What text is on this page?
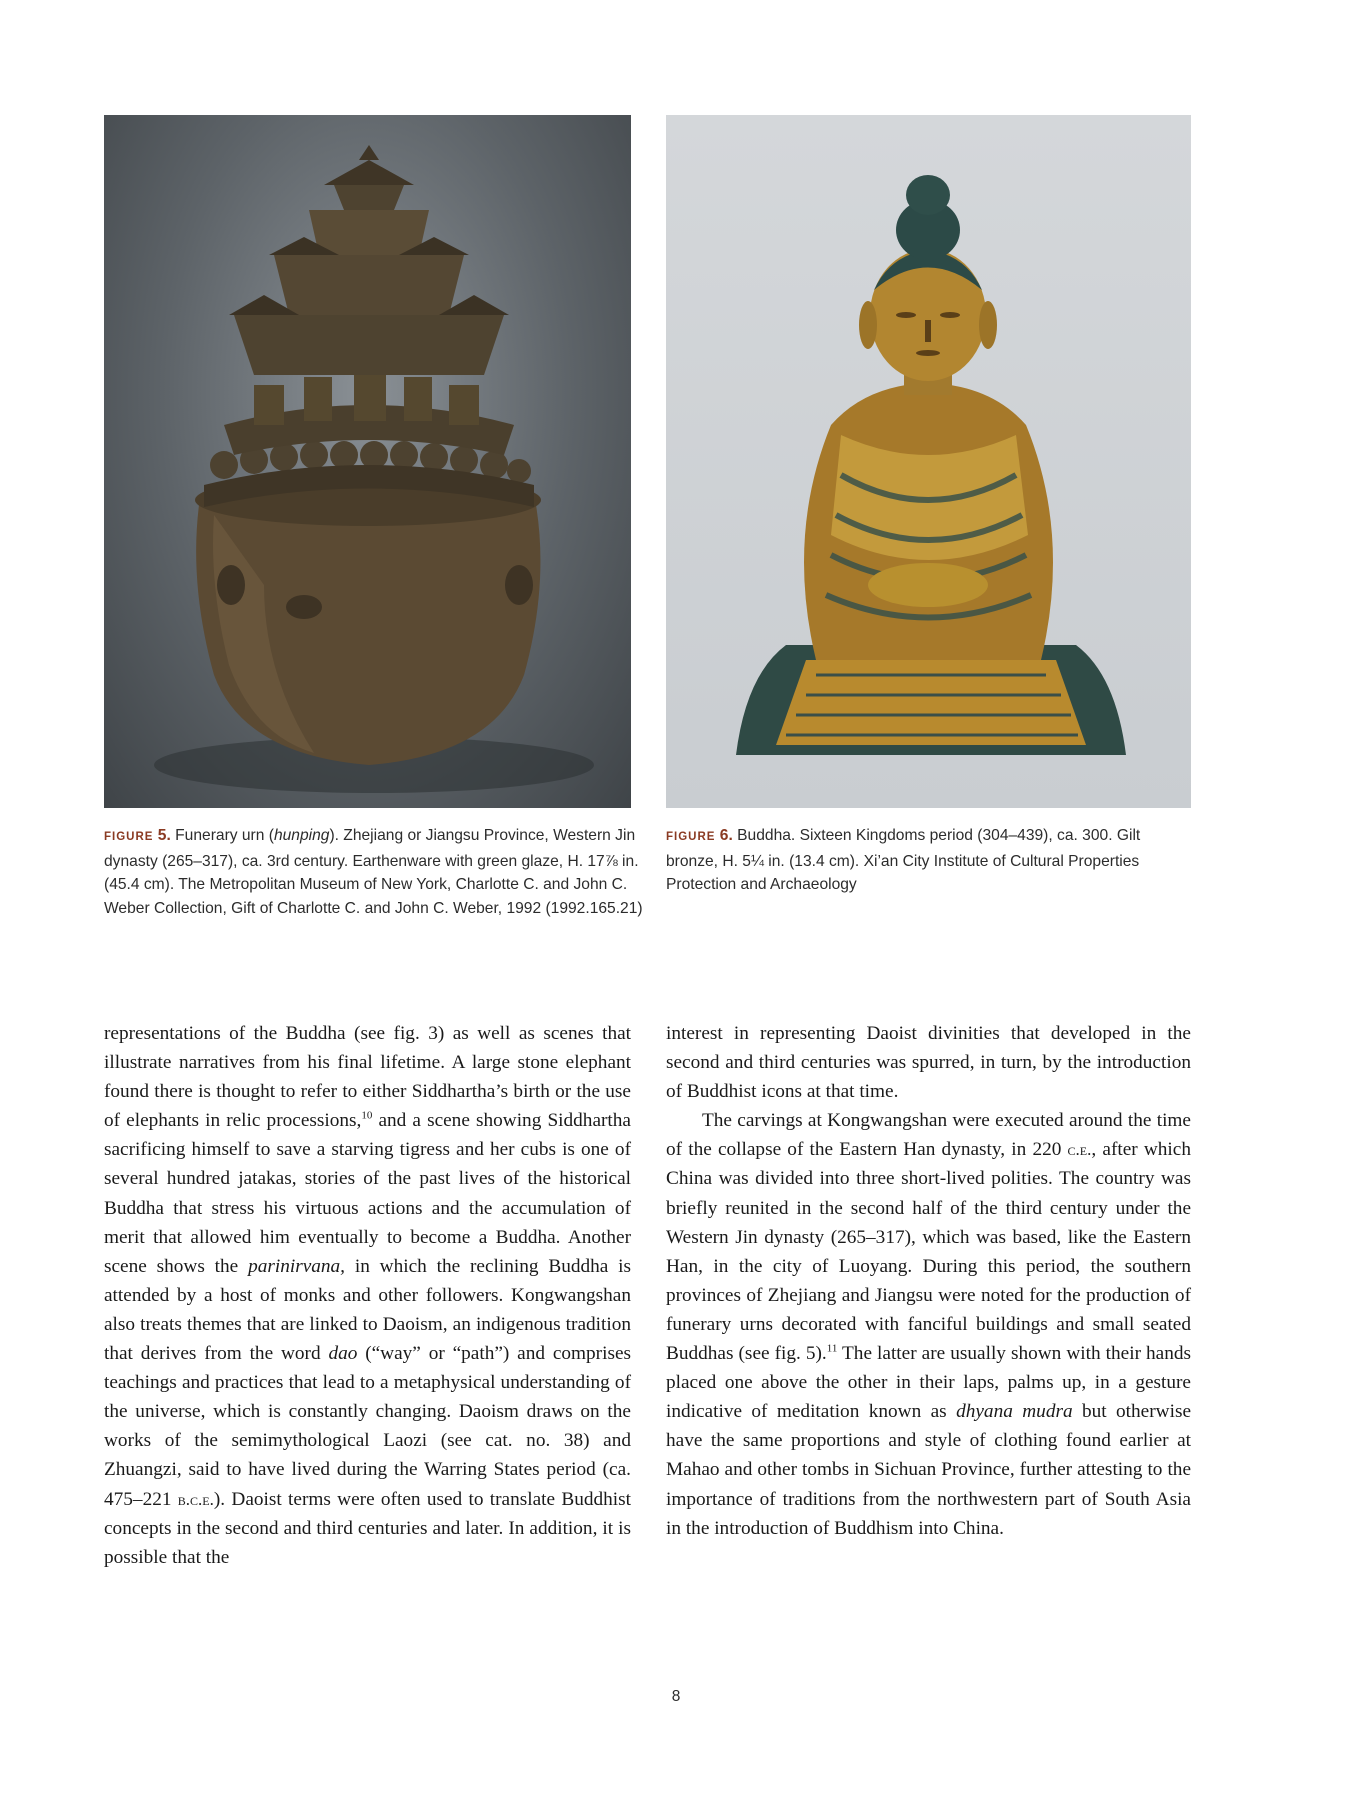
FIGURE 5. Funerary urn (hunping). Zhejiang or Jiangsu Province, Western Jin dynasty (265–317), ca. 3rd century. Earthenware with green glaze, H. 17⅞ in. (45.4 cm). The Metropolitan Museum of New York, Charlotte C. and John C. Weber Collection, Gift of Charlotte C. and John C. Weber, 1992 (1992.165.21)
FIGURE 6. Buddha. Sixteen Kingdoms period (304–439), ca. 300. Gilt bronze, H. 5¼ in. (13.4 cm). Xi’an City Institute of Cultural Properties Protection and Archaeology

representations of the Buddha (see fig. 3) as well as scenes that illustrate narratives from his final lifetime. A large stone elephant found there is thought to refer to either Siddhartha’s birth or the use of elephants in relic processions,$^{10}$ and a scene showing Siddhartha sacrificing himself to save a starving tigress and her cubs is one of several hundred jatakas, stories of the past lives of the historical Buddha that stress his virtuous actions and the accumulation of merit that allowed him eventually to become a Buddha. Another scene shows the parinirvana, in which the reclining Buddha is attended by a host of monks and other followers. Kongwangshan also treats themes that are linked to Daoism, an indigenous tradition that derives from the word dao (“way” or “path”) and comprises teachings and practices that lead to a metaphysical understanding of the universe, which is constantly changing. Daoism draws on the works of the semimythological Laozi (see cat. no. 38) and Zhuangzi, said to have lived during the Warring States period (ca. 475–221 b.c.e.). Daoist terms were often used to translate Buddhist concepts in the second and third centuries and later. In addition, it is possible that the

interest in representing Daoist divinities that developed in the second and third centuries was spurred, in turn, by the introduction of Buddhist icons at that time.

The carvings at Kongwangshan were executed around the time of the collapse of the Eastern Han dynasty, in 220 c.e., after which China was divided into three short-lived polities. The country was briefly reunited in the second half of the third century under the Western Jin dynasty (265–317), which was based, like the Eastern Han, in the city of Luoyang. During this period, the southern provinces of Zhejiang and Jiangsu were noted for the production of funerary urns decorated with fanciful buildings and small seated Buddhas (see fig. 5).$^{11}$ The latter are usually shown with their hands placed one above the other in their laps, palms up, in a gesture indicative of meditation known as dhyana mudra but otherwise have the same proportions and style of clothing found earlier at Mahao and other tombs in Sichuan Province, further attesting to the importance of traditions from the northwestern part of South Asia in the introduction of Buddhism into China.

8
